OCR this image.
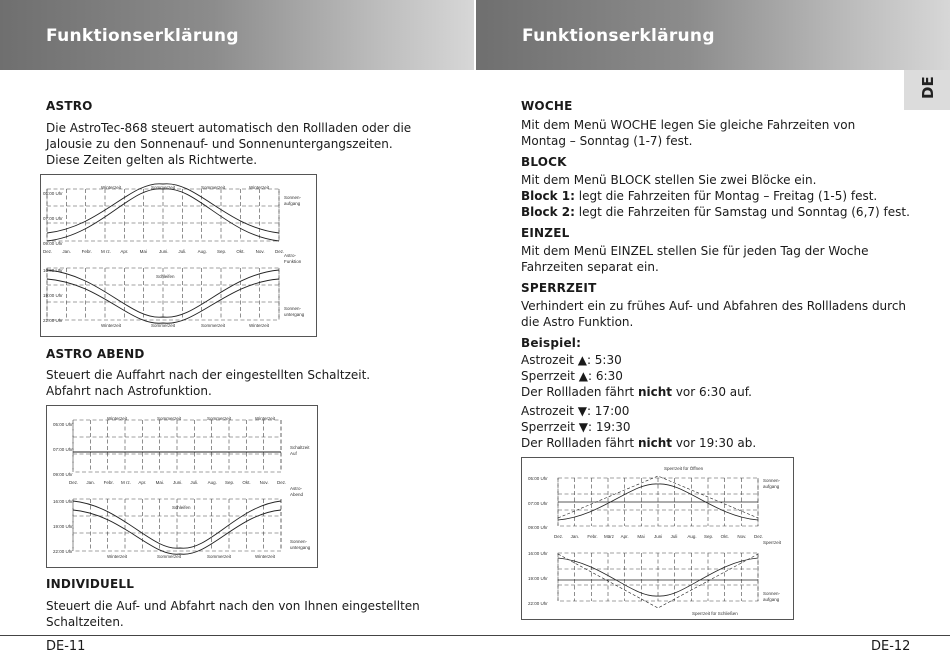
Funktionserklärung	Funktionserklärung
DE
ASTRO
Die AstroTec-868 steuert automatisch den Rollladen oder die
Jalousie zu den Sonnenauf- und Sonnenuntergangszeiten.
Diese Zeiten gelten als Richtwerte.
05:00 Uhr
07:00 Uhr
09:00 Uhr
16:00 Uhr
19:00 Uhr
22:00 Uhr
Winterzeit	Sommerzeit	Sommerzeit	Winterzeit
Winterzeit	Sommerzeit	Sommerzeit	Winterzeit
Dez. Jan. Febr. M rz. Apr.	Mai	Juni. Juli.	Aug. Sep. Okt. Nov. Dez.
Sonnen-
aufgang
Astro-
Funktion
Sonnen-
untergang
Schleifen
ASTRO ABEND
Steuert die Auffahrt nach der eingestellten Schaltzeit.
Abfahrt nach Astrofunktion.
05:00 Uhr
07:00 Uhr
09:00 Uhr
16:00 Uhr
19:00 Uhr
22:00 Uhr
Winterzeit	Sommerzeit	Sommerzeit	Winterzeit
Winterzeit	Sommerzeit	Sommerzeit	Winterzeit
Dez. Jan. Febr. M rz. Apr. Mai. Juni. Juli. Aug. Sep. Okt. Nov. Dez.
Schaltzeit
Auf
Astro-
Abend
Sonnen-
untergang
Schleifen
INDIVIDUELL
Steuert die Auf- und Abfahrt nach den von Ihnen eingestellten
Schaltzeiten.
WOCHE
Mit dem Menü WOCHE legen Sie gleiche Fahrzeiten von
Montag – Sonntag (1-7) fest.
BLOCK
Mit dem Menü BLOCK stellen Sie zwei Blöcke ein.
Block 1: legt die Fahrzeiten für Montag – Freitag (1-5) fest.
Block 2: legt die Fahrzeiten für Samstag und Sonntag (6,7) fest.
EINZEL
Mit dem Menü EINZEL stellen Sie für jeden Tag der Woche
Fahrzeiten separat ein.
SPERRZEIT
Verhindert ein zu frühes Auf- und Abfahren des Rollladens durch
die Astro Funktion.
Beispiel:
Astrozeit ▲: 5:30
Sperrzeit ▲: 6:30
Der Rollladen fährt nicht vor 6:30 auf.
Astrozeit ▼: 17:00
Sperrzeit ▼: 19:30
Der Rollladen fährt nicht vor 19:30 ab.
05:00 Uhr
07:00 Uhr
09:00 Uhr
16:00 Uhr
19:00 Uhr
22:00 Uhr
Dez. Jan. Febr. März Apr. Mai Juni Juli Aug. Sep. Okt. Nov. Dez.
Sonnen-
aufgang
Sperrzeit
Sonnen-
aufgang
Sperrzeit für Öffnen
Sperrzeit für Schließen
DE-11	DE-12
